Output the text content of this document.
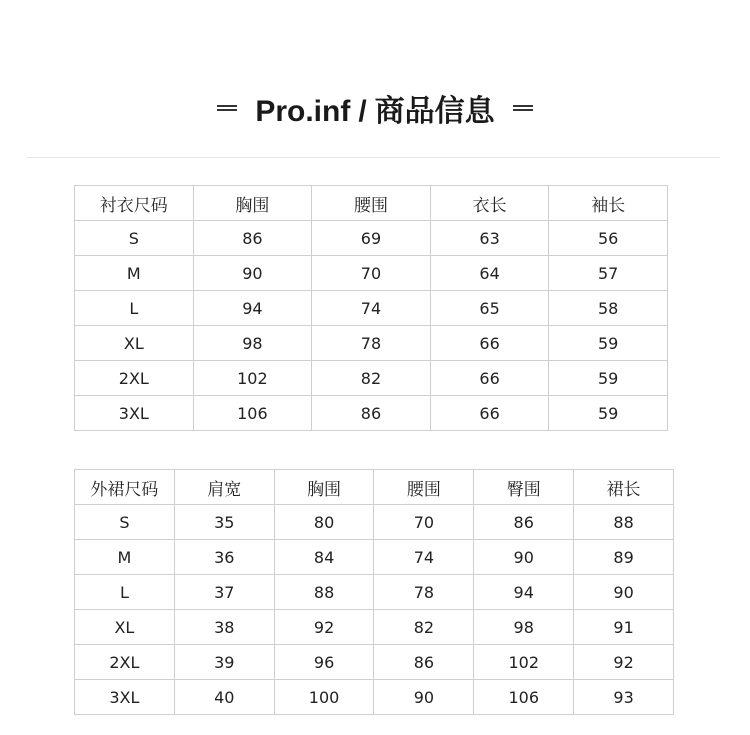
Pro.inf / 商品信息
衬衣尺码	胸围	腰围	衣长	袖长
S	86	69	63	56
M	90	70	64	57
L	94	74	65	58
XL	98	78	66	59
2XL	102	82	66	59
3XL	106	86	66	59
外裙尺码	肩宽	胸围	腰围	臀围	裙长
S	35	80	70	86	88
M	36	84	74	90	89
L	37	88	78	94	90
XL	38	92	82	98	91
2XL	39	96	86	102	92
3XL	40	100	90	106	93
